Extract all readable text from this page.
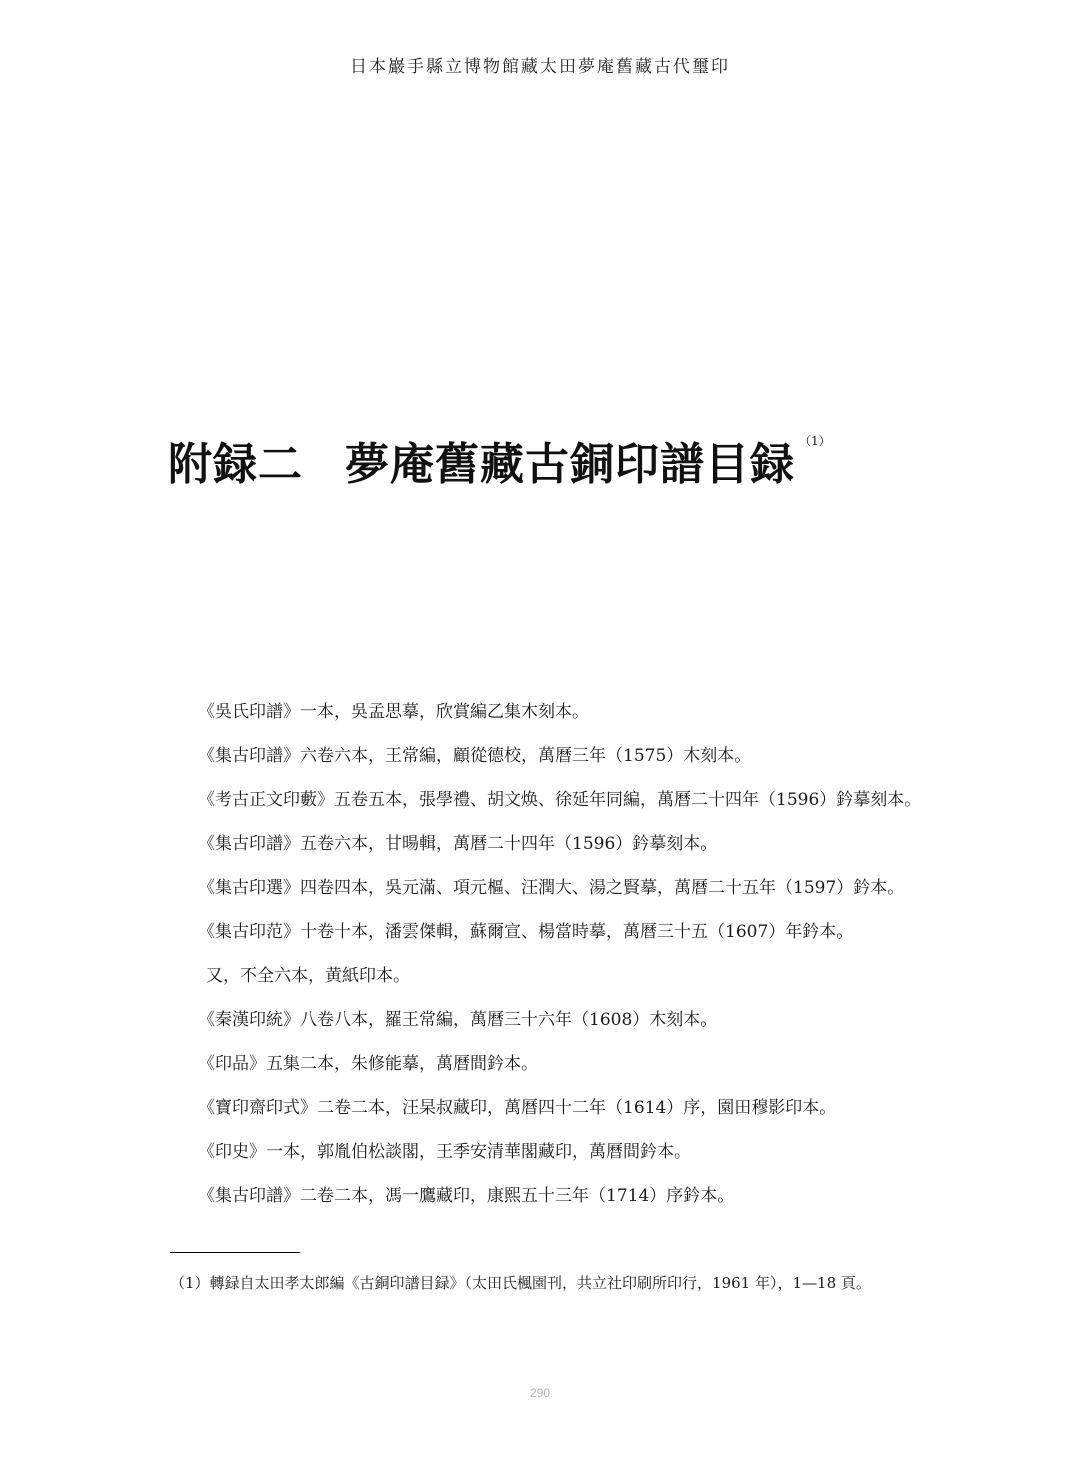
日本巖手縣立博物館藏太田夢庵舊藏古代璽印
附録二 夢庵舊藏古銅印譜目録 $^{(1)}$
《吳氏印譜》一本，吳孟思摹，欣賞編乙集木刻本。
《集古印譜》六卷六本，王常編，顧從德校，萬曆三年（1575）木刻本。
《考古正文印藪》五卷五本，張學禮、胡文焕、徐延年同編，萬曆二十四年（1596）鈐摹刻本。
《集古印譜》五卷六本，甘暘輯，萬曆二十四年（1596）鈐摹刻本。
《集古印選》四卷四本，吳元滿、項元樞、汪潤大、湯之賢摹，萬曆二十五年（1597）鈐本。
《集古印范》十卷十本，潘雲傑輯，蘇爾宣、楊當時摹，萬曆三十五（1607）年鈐本。
又，不全六本，黄紙印本。
《秦漢印統》八卷八本，羅王常編，萬曆三十六年（1608）木刻本。
《印品》五集二本，朱修能摹，萬曆間鈐本。
《寶印齋印式》二卷二本，汪杲叔藏印，萬曆四十二年（1614）序，園田穆影印本。
《印史》一本，郭胤伯松談閣，王季安清華閣藏印，萬曆間鈐本。
《集古印譜》二卷二本，馮一鷹藏印，康熙五十三年（1714）序鈐本。
（1）轉録自太田孝太郎編《古銅印譜目録》（太田氏楓園刊，共立社印刷所印行，1961 年），1—18 頁。
290
